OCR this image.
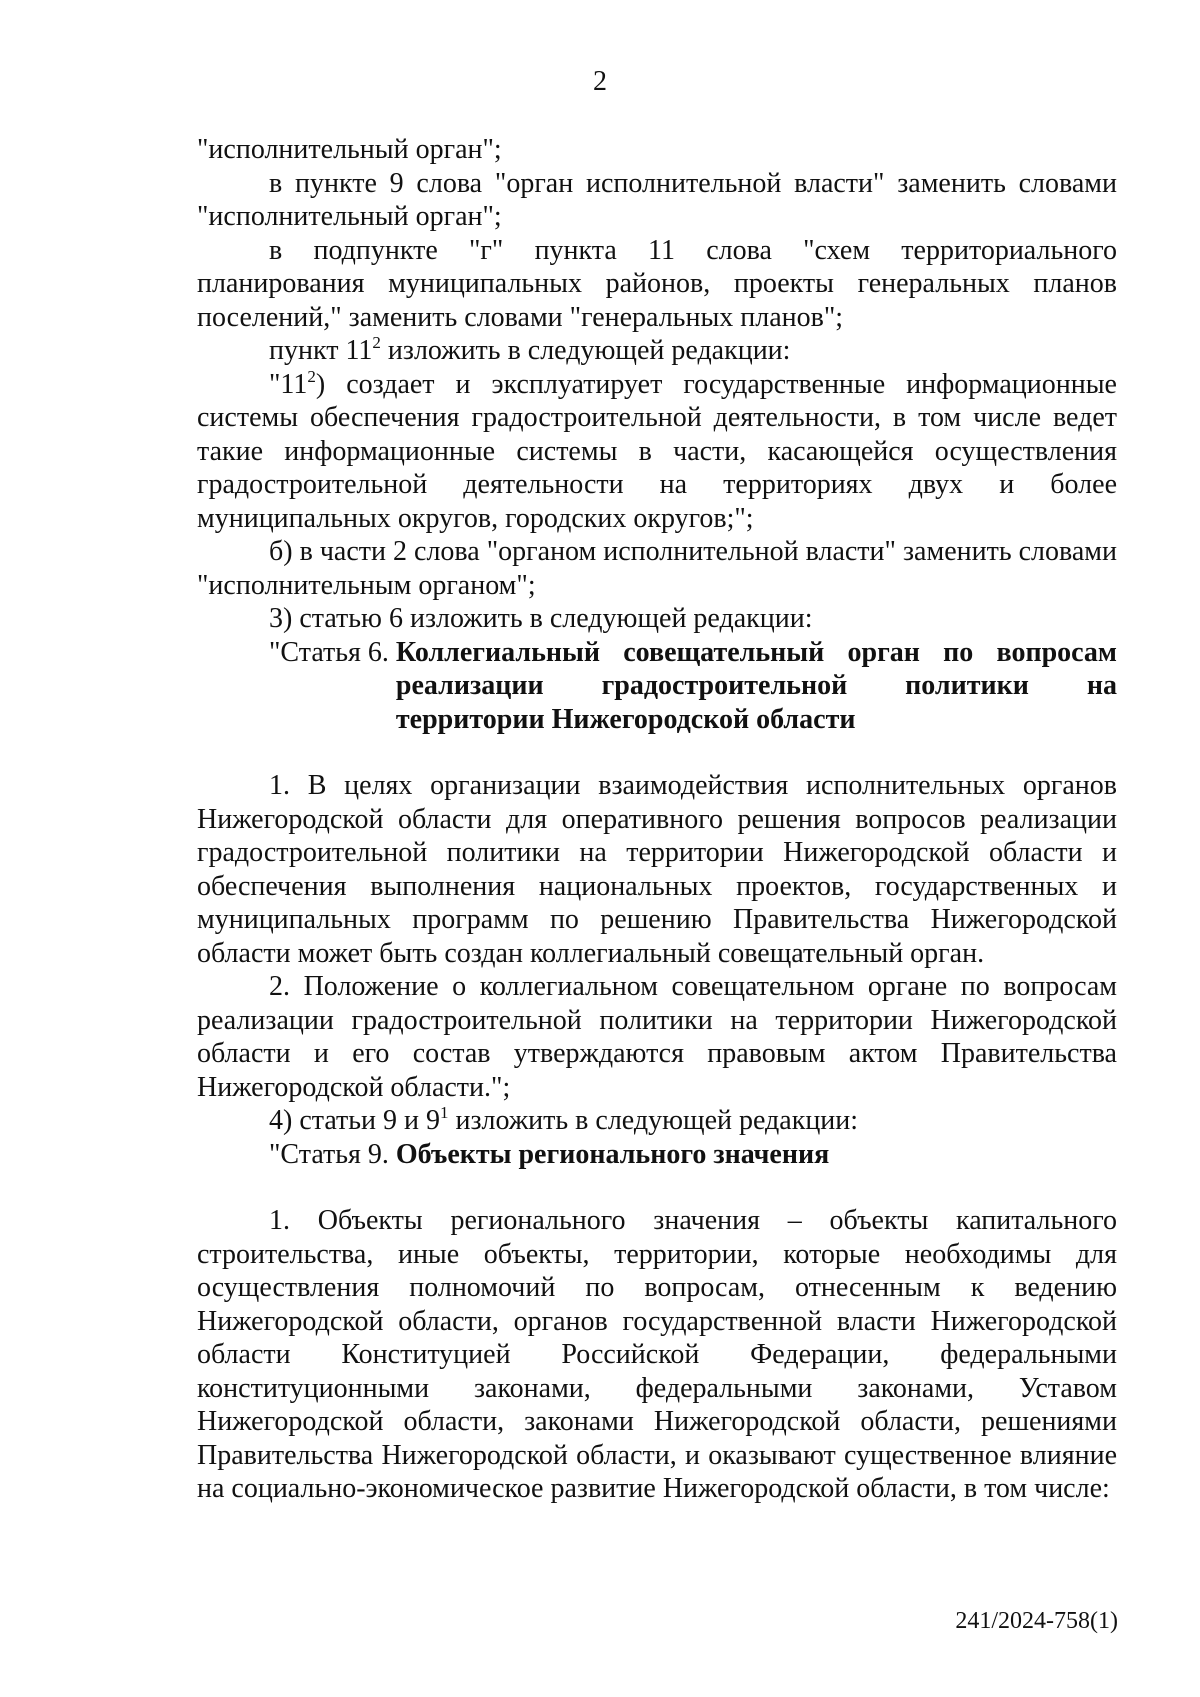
2

"исполнительный орган";

в пункте 9 слова "орган исполнительной власти" заменить словами "исполнительный орган";

в подпункте "г" пункта 11 слова "схем территориального планирования муниципальных районов, проекты генеральных планов поселений," заменить словами "генеральных планов";

пункт $11^2$ изложить в следующей редакции:

"$11^2$) создает и эксплуатирует государственные информационные системы обеспечения градостроительной деятельности, в том числе ведет такие информационные системы в части, касающейся осуществления градостроительной деятельности на территориях двух и более муниципальных округов, городских округов;";

б) в части 2 слова "органом исполнительной власти" заменить словами "исполнительным органом";

3) статью 6 изложить в следующей редакции:

"Статья 6. Коллегиальный совещательный орган по вопросам реализации градостроительной политики на территории Нижегородской области

1. В целях организации взаимодействия исполнительных органов Нижегородской области для оперативного решения вопросов реализации градостроительной политики на территории Нижегородской области и обеспечения выполнения национальных проектов, государственных и муниципальных программ по решению Правительства Нижегородской области может быть создан коллегиальный совещательный орган.

2. Положение о коллегиальном совещательном органе по вопросам реализации градостроительной политики на территории Нижегородской области и его состав утверждаются правовым актом Правительства Нижегородской области.";

4) статьи 9 и $9^1$ изложить в следующей редакции:

"Статья 9. Объекты регионального значения

1. Объекты регионального значения – объекты капитального строительства, иные объекты, территории, которые необходимы для осуществления полномочий по вопросам, отнесенным к ведению Нижегородской области, органов государственной власти Нижегородской области Конституцией Российской Федерации, федеральными конституционными законами, федеральными законами, Уставом Нижегородской области, законами Нижегородской области, решениями Правительства Нижегородской области, и оказывают существенное влияние на социально-экономическое развитие Нижегородской области, в том числе:

241/2024-758(1)
